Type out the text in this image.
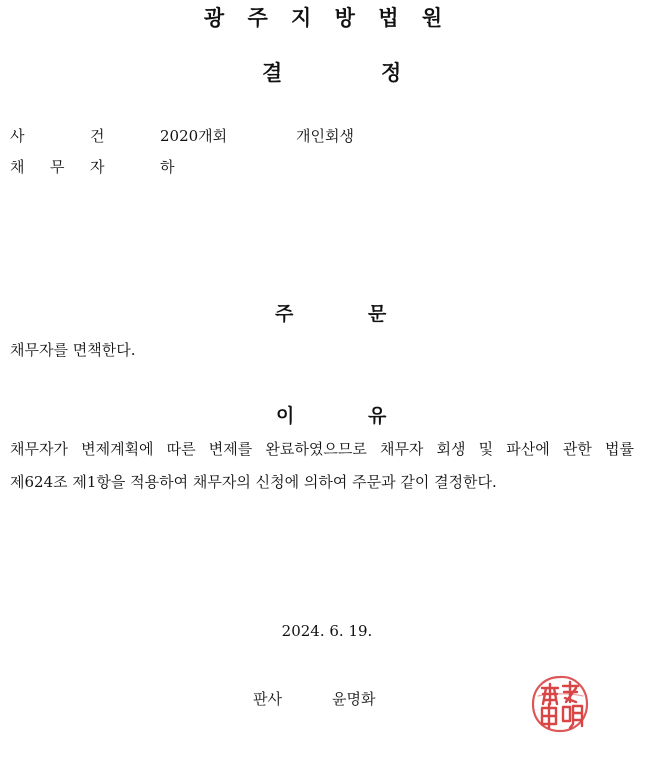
광 주 지 방 법 원
결	정
사	건	2020개회	개인회생
채 무 자	하
주	문
채무자를 면책한다.
이	유
채무자가 변제계획에 따른 변제를 완료하였으므로 채무자 회생 및 파산에 관한 법률
제624조 제1항을 적용하여 채무자의 신청에 의하여 주문과 같이 결정한다.
2024. 6. 19.
판사	윤명화
